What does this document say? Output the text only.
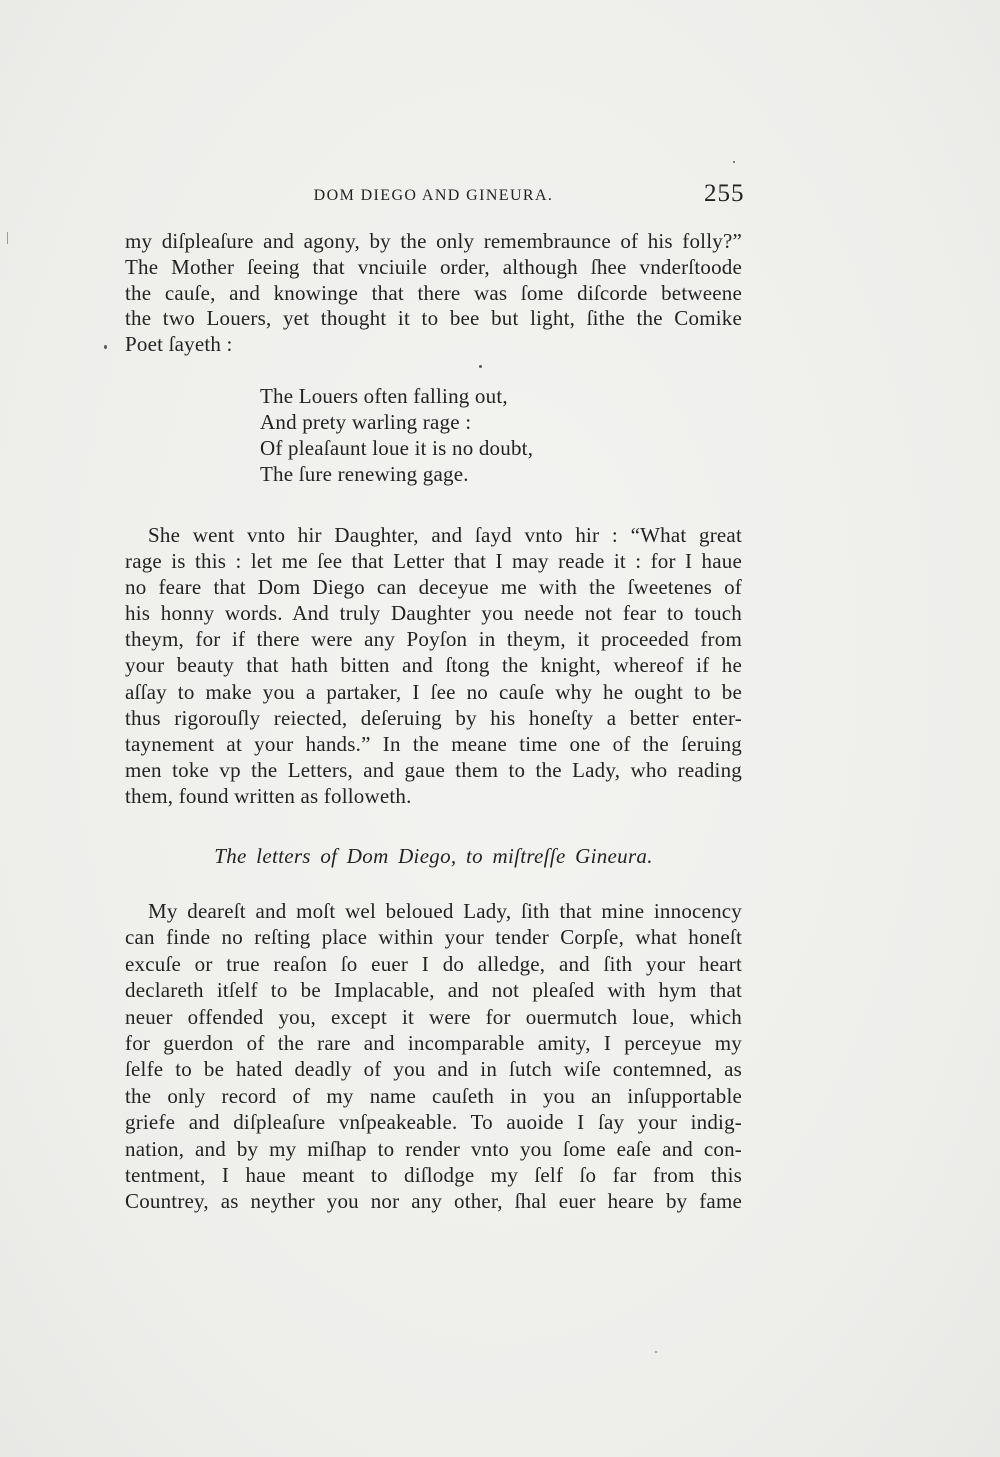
DOM DIEGO AND GINEURA.	255
my diſpleaſure and agony, by the only remembraunce of his folly?”
The Mother ſeeing that vnciuile order, although ſhee vnderſtoode
the cauſe, and knowinge that there was ſome diſcorde betweene
the two Louers, yet thought it to bee but light, ſithe the Comike
Poet ſayeth :
The Louers often falling out,
And prety warling rage :
Of pleaſaunt loue it is no doubt,
The ſure renewing gage.
She went vnto hir Daughter, and ſayd vnto hir : “What great
rage is this : let me ſee that Letter that I may reade it : for I haue
no feare that Dom Diego can deceyue me with the ſweetenes of
his honny words. And truly Daughter you neede not fear to touch
theym, for if there were any Poyſon in theym, it proceeded from
your beauty that hath bitten and ſtong the knight, whereof if he
aſſay to make you a partaker, I ſee no cauſe why he ought to be
thus rigorouſly reiected, deſeruing by his honeſty a better enter-
taynement at your hands.” In the meane time one of the ſeruing
men toke vp the Letters, and gaue them to the Lady, who reading
them, found written as followeth.
The letters of Dom Diego, to miſtreſſe Gineura.
My deareſt and moſt wel beloued Lady, ſith that mine innocency
can finde no reſting place within your tender Corpſe, what honeſt
excuſe or true reaſon ſo euer I do alledge, and ſith your heart
declareth itſelf to be Implacable, and not pleaſed with hym that
neuer offended you, except it were for ouermutch loue, which
for guerdon of the rare and incomparable amity, I perceyue my
ſelfe to be hated deadly of you and in ſutch wiſe contemned, as
the only record of my name cauſeth in you an inſupportable
griefe and diſpleaſure vnſpeakeable. To auoide I ſay your indig-
nation, and by my miſhap to render vnto you ſome eaſe and con-
tentment, I haue meant to diſlodge my ſelf ſo far from this
Countrey, as neyther you nor any other, ſhal euer heare by fame
